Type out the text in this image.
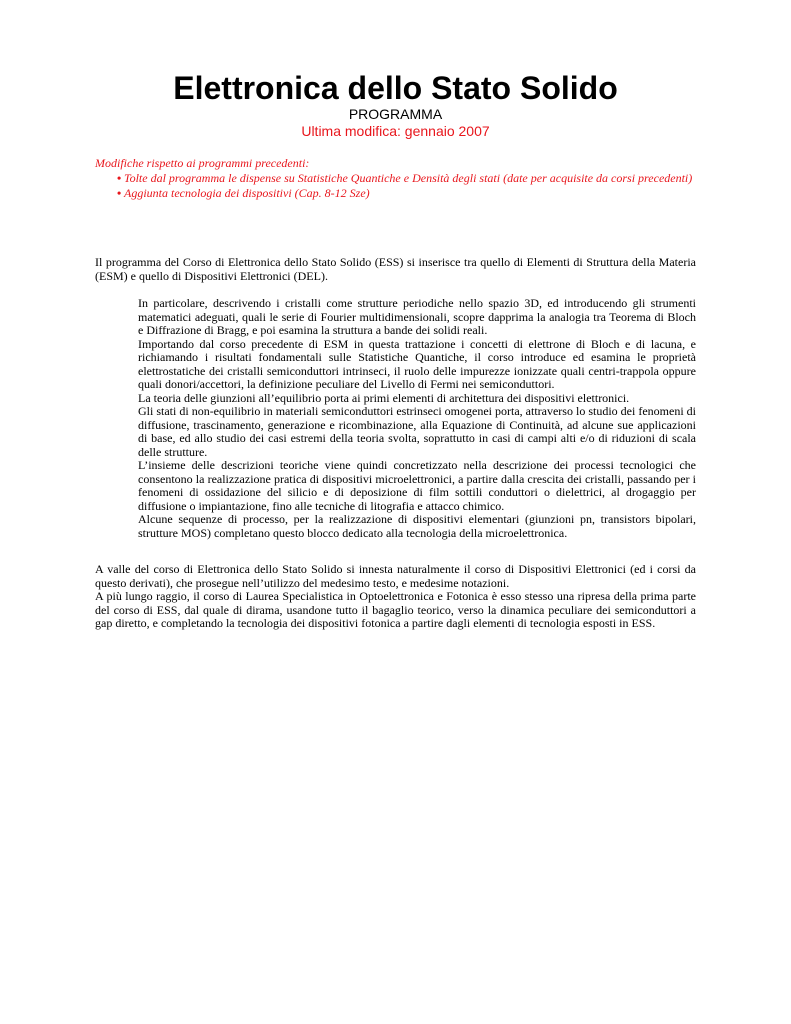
Elettronica dello Stato Solido
PROGRAMMA
Ultima modifica: gennaio 2007
Modifiche rispetto ai programmi precedenti:
• Tolte dal programma le dispense su Statistiche Quantiche e Densità degli stati (date per acquisite da corsi precedenti)
• Aggiunta tecnologia dei dispositivi (Cap. 8-12 Sze)

Il programma del Corso di Elettronica dello Stato Solido (ESS) si inserisce tra quello di Elementi di Struttura della Materia (ESM) e quello di Dispositivi Elettronici (DEL).

In particolare, descrivendo i cristalli come strutture periodiche nello spazio 3D, ed introducendo gli strumenti matematici adeguati, quali le serie di Fourier multidimensionali, scopre dapprima la analogia tra Teorema di Bloch e Diffrazione di Bragg, e poi esamina la struttura a bande dei solidi reali.

Importando dal corso precedente di ESM in questa trattazione i concetti di elettrone di Bloch e di lacuna, e richiamando i risultati fondamentali sulle Statistiche Quantiche, il corso introduce ed esamina le proprietà elettrostatiche dei cristalli semiconduttori intrinseci, il ruolo delle impurezze ionizzate quali centri-trappola oppure quali donori/accettori, la definizione peculiare del Livello di Fermi nei semiconduttori.

La teoria delle giunzioni all’equilibrio porta ai primi elementi di architettura dei dispositivi elettronici.

Gli stati di non-equilibrio in materiali semiconduttori estrinseci omogenei porta, attraverso lo studio dei fenomeni di diffusione, trascinamento, generazione e ricombinazione, alla Equazione di Continuità, ad alcune sue applicazioni di base, ed allo studio dei casi estremi della teoria svolta, soprattutto in casi di campi alti e/o di riduzioni di scala delle strutture.

L’insieme delle descrizioni teoriche viene quindi concretizzato nella descrizione dei processi tecnologici che consentono la realizzazione pratica di dispositivi microelettronici, a partire dalla crescita dei cristalli, passando per i fenomeni di ossidazione del silicio e di deposizione di film sottili conduttori o dielettrici, al drogaggio per diffusione o impiantazione, fino alle tecniche di litografia e attacco chimico.

Alcune sequenze di processo, per la realizzazione di dispositivi elementari (giunzioni pn, transistors bipolari, strutture MOS) completano questo blocco dedicato alla tecnologia della microelettronica.

A valle del corso di Elettronica dello Stato Solido si innesta naturalmente il corso di Dispositivi Elettronici (ed i corsi da questo derivati), che prosegue nell’utilizzo del medesimo testo, e medesime notazioni.

A più lungo raggio, il corso di Laurea Specialistica in Optoelettronica e Fotonica è esso stesso una ripresa della prima parte del corso di ESS, dal quale di dirama, usandone tutto il bagaglio teorico, verso la dinamica peculiare dei semiconduttori a gap diretto, e completando la tecnologia dei dispositivi fotonica a partire dagli elementi di tecnologia esposti in ESS.
